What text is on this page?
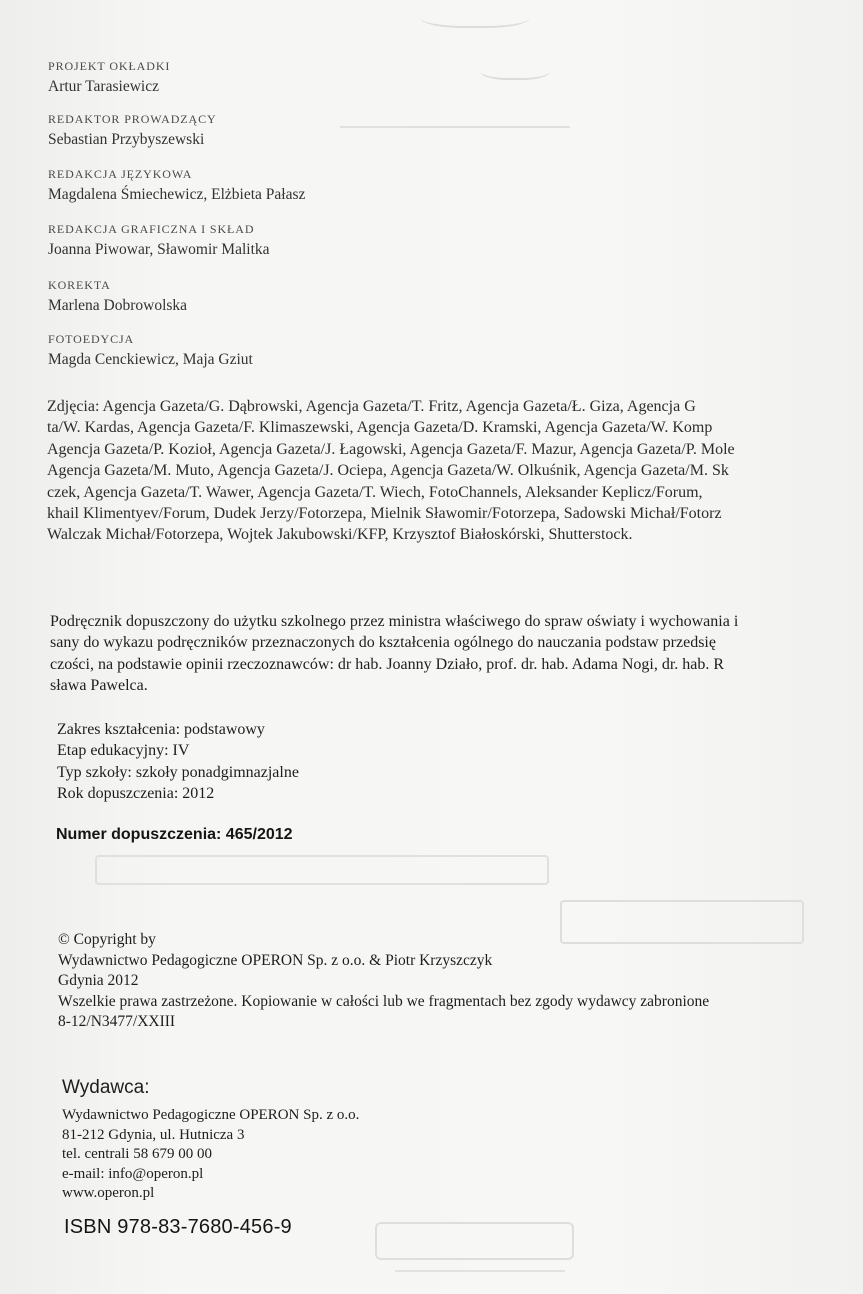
PROJEKT OKŁADKI
Artur Tarasiewicz
REDAKTOR PROWADZĄCY
Sebastian Przybyszewski
REDAKCJA JĘZYKOWA
Magdalena Śmiechewicz, Elżbieta Pałasz
REDAKCJA GRAFICZNA I SKŁAD
Joanna Piwowar, Sławomir Malitka
KOREKTA
Marlena Dobrowolska
FOTOEDYCJA
Magda Cenckiewicz, Maja Gziut
Zdjęcia: Agencja Gazeta/G. Dąbrowski, Agencja Gazeta/T. Fritz, Agencja Gazeta/Ł. Giza, Agencja G
ta/W. Kardas, Agencja Gazeta/F. Klimaszewski, Agencja Gazeta/D. Kramski, Agencja Gazeta/W. Komp
Agencja Gazeta/P. Kozioł, Agencja Gazeta/J. Łagowski, Agencja Gazeta/F. Mazur, Agencja Gazeta/P. Mole
Agencja Gazeta/M. Muto, Agencja Gazeta/J. Ociepa, Agencja Gazeta/W. Olkuśnik, Agencja Gazeta/M. Sk
czek, Agencja Gazeta/T. Wawer, Agencja Gazeta/T. Wiech, FotoChannels, Aleksander Keplicz/Forum,
khail Klimentyev/Forum, Dudek Jerzy/Fotorzepa, Mielnik Sławomir/Fotorzepa, Sadowski Michał/Fotorz
Walczak Michał/Fotorzepa, Wojtek Jakubowski/KFP, Krzysztof Białoskórski, Shutterstock.
Podręcznik dopuszczony do użytku szkolnego przez ministra właściwego do spraw oświaty i wychowania i
sany do wykazu podręczników przeznaczonych do kształcenia ogólnego do nauczania podstaw przedsię
czości, na podstawie opinii rzeczoznawców: dr hab. Joanny Działo, prof. dr. hab. Adama Nogi, dr. hab. R
sława Pawelca.
Zakres kształcenia: podstawowy
Etap edukacyjny: IV
Typ szkoły: szkoły ponadgimnazjalne
Rok dopuszczenia: 2012
Numer dopuszczenia: 465/2012
© Copyright by
Wydawnictwo Pedagogiczne OPERON Sp. z o.o. & Piotr Krzyszczyk
Gdynia 2012
Wszelkie prawa zastrzeżone. Kopiowanie w całości lub we fragmentach bez zgody wydawcy zabronione
8-12/N3477/XXIII
Wydawca:
Wydawnictwo Pedagogiczne OPERON Sp. z o.o.
81-212 Gdynia, ul. Hutnicza 3
tel. centrali 58 679 00 00
e-mail: info@operon.pl
www.operon.pl
ISBN 978-83-7680-456-9
